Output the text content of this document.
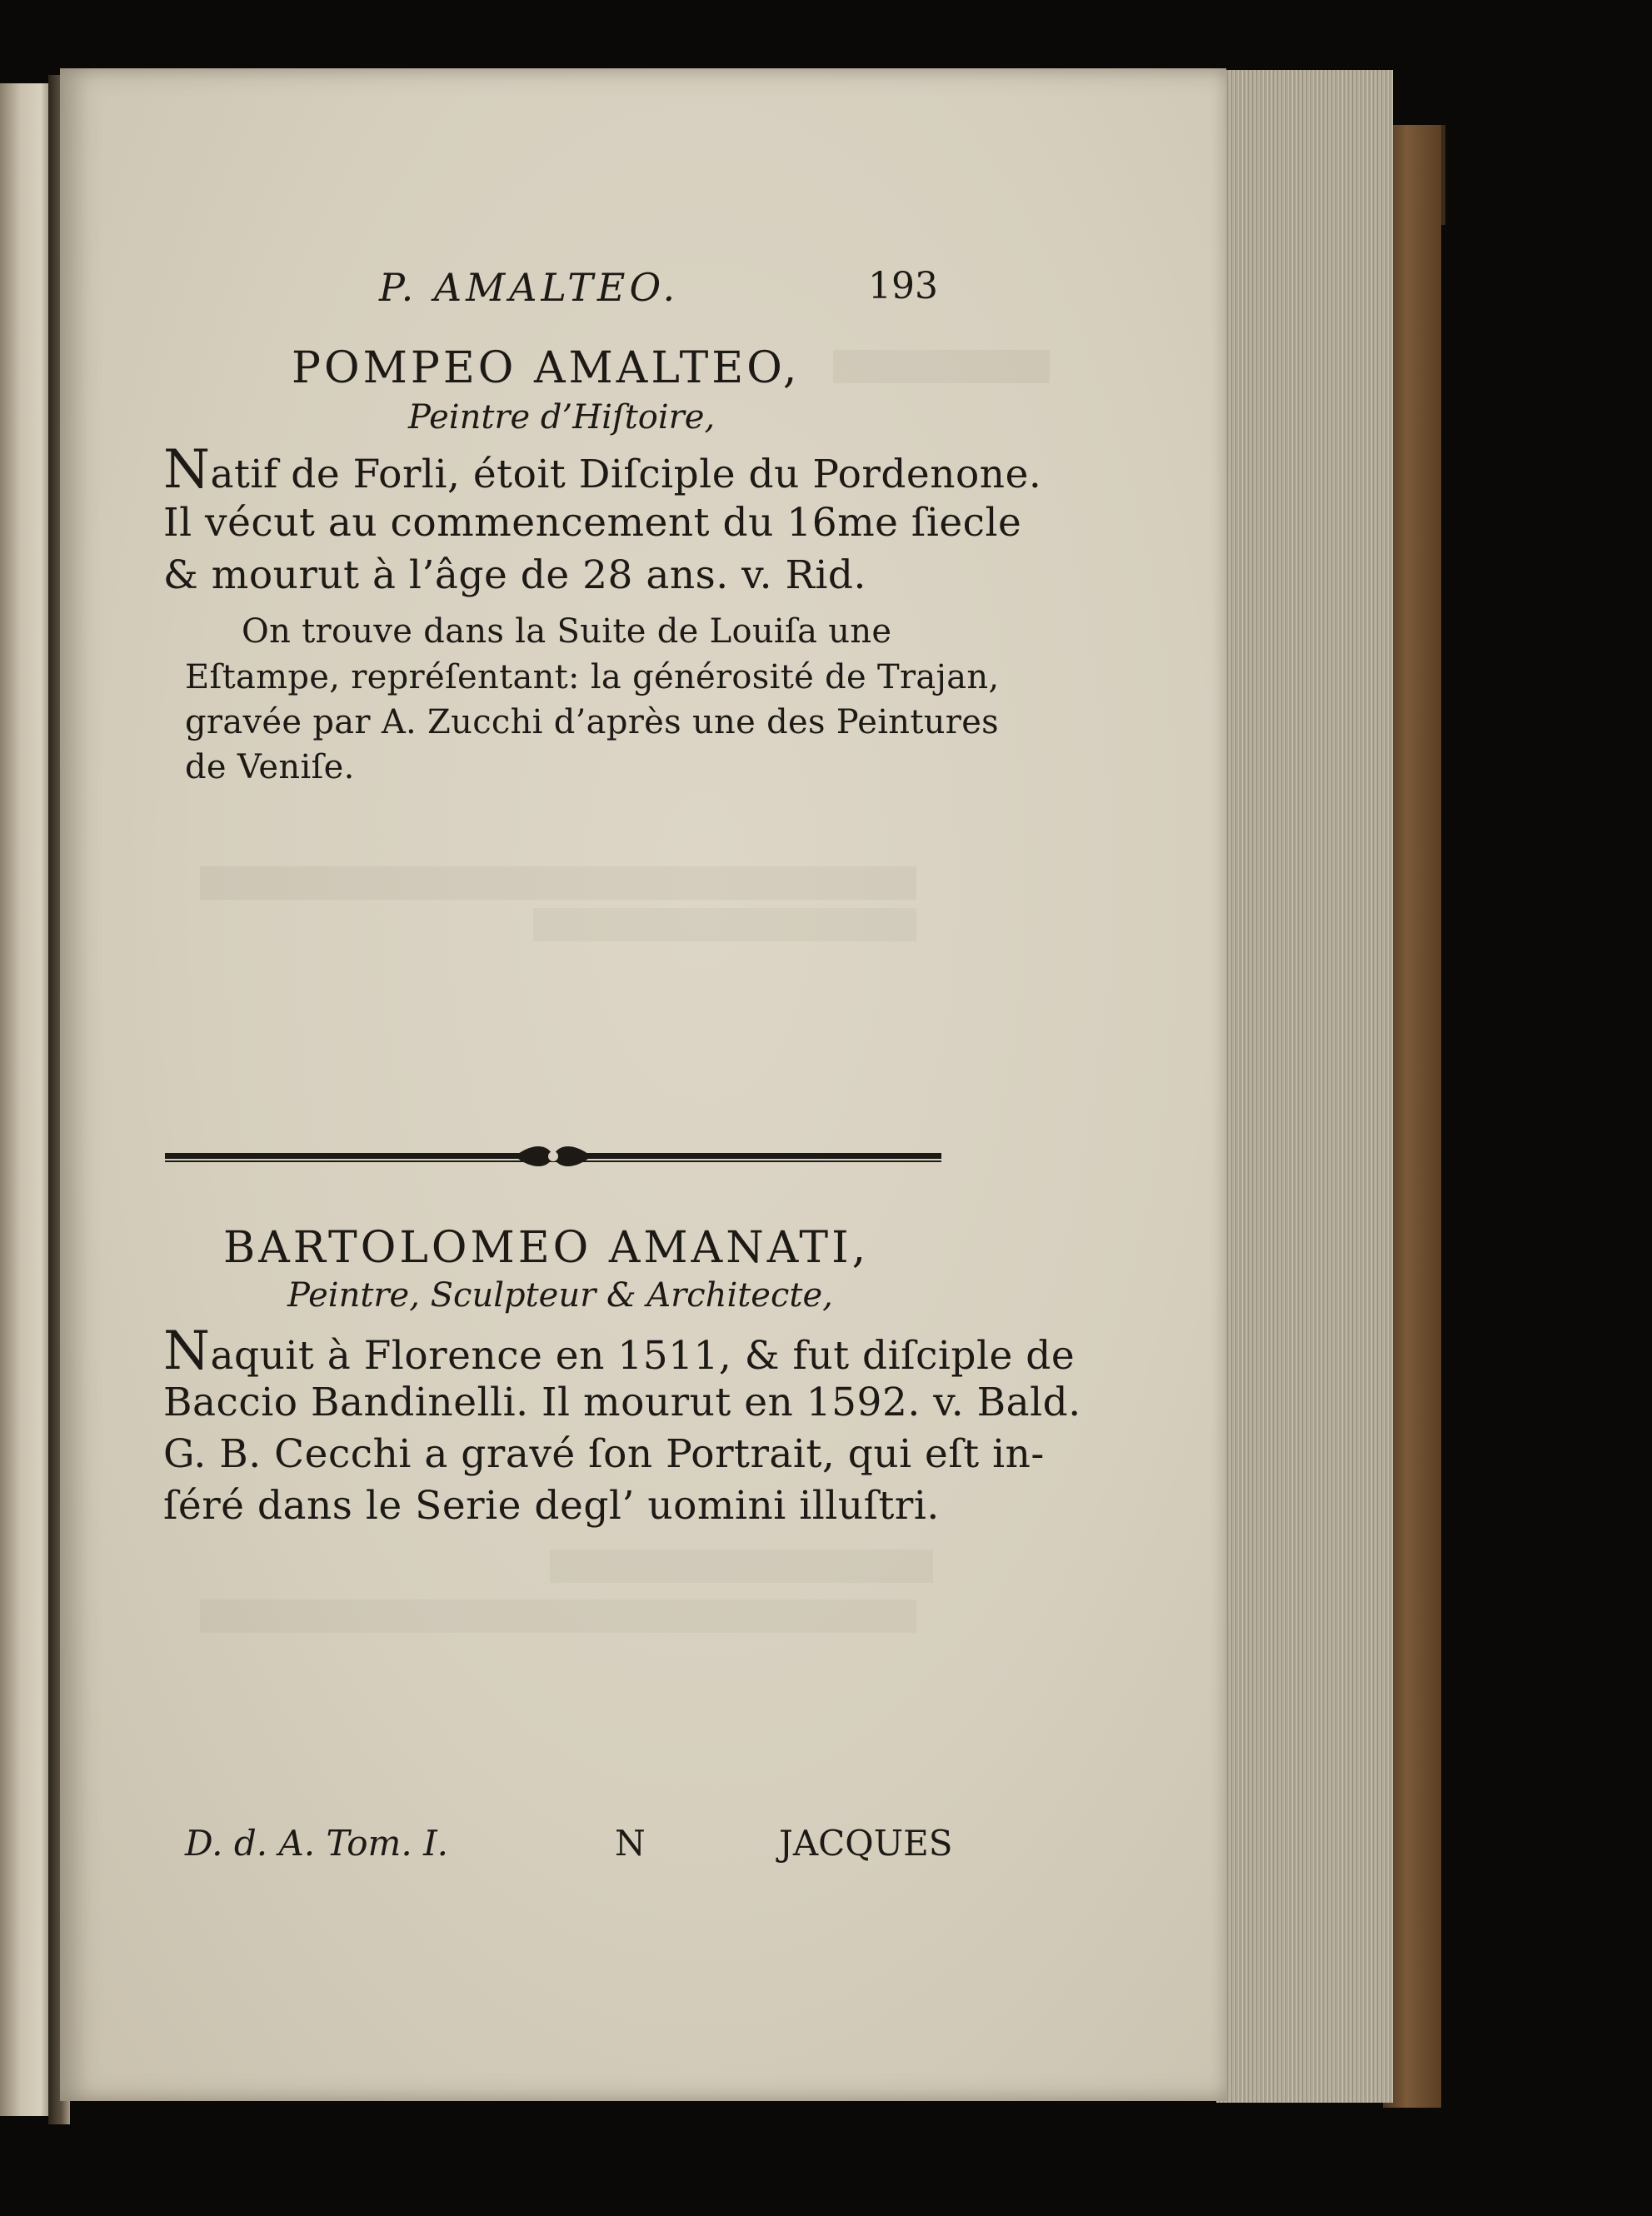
P. AMALTEO.	193

POMPEO AMALTEO,

Peintre d’Hiſtoire,

Natif de Forli, étoit Diſciple du Pordenone.

Il vécut au commencement du 16me ſiecle

& mourut à l’âge de 28 ans. v. Rid.

On trouve dans la Suite de Louiſa une

Eſtampe, repréſentant: la générosité de Trajan,

gravée par A. Zucchi d’après une des Peintures

de Veniſe.

BARTOLOMEO AMANATI,

Peintre, Sculpteur & Architecte,

Naquit à Florence en 1511, & fut diſciple de

Baccio Bandinelli. Il mourut en 1592. v. Bald.

G. B. Cecchi a gravé ſon Portrait, qui eſt in-

ſéré dans le Serie degl’ uomini illuſtri.

D. d. A. Tom. I.	N	JACQUES
